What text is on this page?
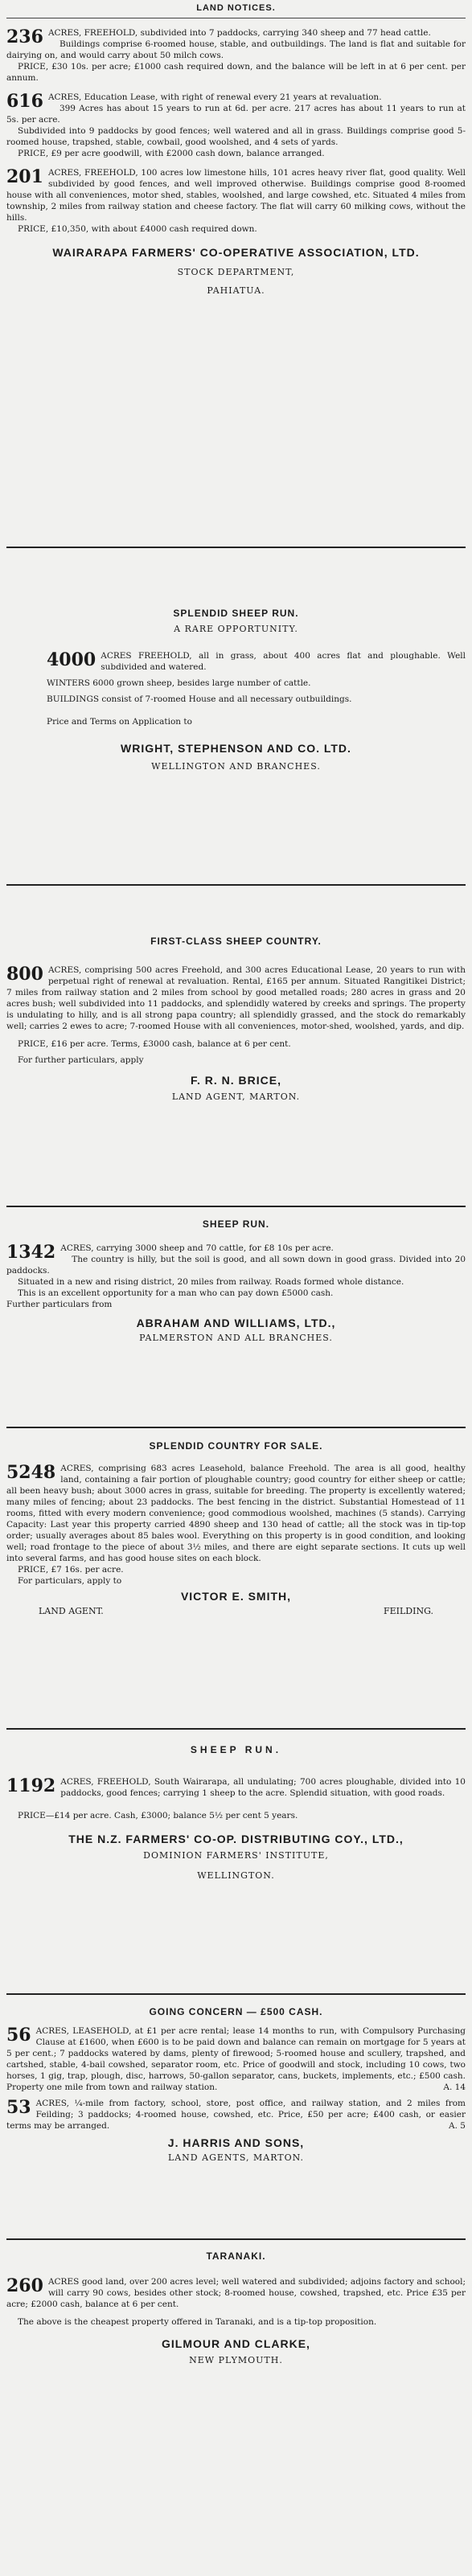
LAND NOTICES.

236 ACRES, FREEHOLD, subdivided into 7 paddocks, carrying 340 sheep and 77 head cattle.

Buildings comprise 6-roomed house, stable, and outbuildings. The land is flat and suitable for dairying on, and would carry about 50 milch cows.

PRICE, £30 10s. per acre; £1000 cash required down, and the balance will be left in at 6 per cent. per annum.

616 ACRES, Education Lease, with right of renewal every 21 years at revaluation.

399 Acres has about 15 years to run at 6d. per acre. 217 acres has about 11 years to run at 5s. per acre.

Subdivided into 9 paddocks by good fences; well watered and all in grass. Buildings comprise good 5-roomed house, trapshed, stable, cowbail, good woolshed, and 4 sets of yards.

PRICE, £9 per acre goodwill, with £2000 cash down, balance arranged.

201 ACRES, FREEHOLD, 100 acres low limestone hills, 101 acres heavy river flat, good quality. Well subdivided by good fences, and well improved otherwise. Buildings comprise good 8-roomed house with all conveniences, motor shed, stables, woolshed, and large cowshed, etc. Situated 4 miles from township, 2 miles from railway station and cheese factory. The flat will carry 60 milking cows, without the hills.

PRICE, £10,350, with about £4000 cash required down.

WAIRARAPA FARMERS' CO-OPERATIVE ASSOCIATION, LTD.

STOCK DEPARTMENT,

PAHIATUA.

SPLENDID SHEEP RUN.

A RARE OPPORTUNITY.

4000 ACRES FREEHOLD, all in grass, about 400 acres flat and ploughable. Well subdivided and watered.

WINTERS 6000 grown sheep, besides large number of cattle.

BUILDINGS consist of 7-roomed House and all necessary outbuildings.

Price and Terms on Application to

WRIGHT, STEPHENSON AND CO. LTD.

WELLINGTON AND BRANCHES.

FIRST-CLASS SHEEP COUNTRY.

800 ACRES, comprising 500 acres Freehold, and 300 acres Educational Lease, 20 years to run with perpetual right of renewal at revaluation. Rental, £165 per annum. Situated Rangitikei District; 7 miles from railway station and 2 miles from school by good metalled roads; 280 acres in grass and 20 acres bush; well subdivided into 11 paddocks, and splendidly watered by creeks and springs. The property is undulating to hilly, and is all strong papa country; all splendidly grassed, and the stock do remarkably well; carries 2 ewes to acre; 7-roomed House with all conveniences, motor-shed, woolshed, yards, and dip.

PRICE, £16 per acre. Terms, £3000 cash, balance at 6 per cent.

For further particulars, apply

F. R. N. BRICE,

LAND AGENT, MARTON.

SHEEP RUN.

1342 ACRES, carrying 3000 sheep and 70 cattle, for £8 10s per acre.

The country is hilly, but the soil is good, and all sown down in good grass. Divided into 20 paddocks.

Situated in a new and rising district, 20 miles from railway. Roads formed whole distance.

This is an excellent opportunity for a man who can pay down £5000 cash.

Further particulars from

ABRAHAM AND WILLIAMS, LTD.,

PALMERSTON AND ALL BRANCHES.

SPLENDID COUNTRY FOR SALE.

5248 ACRES, comprising 683 acres Leasehold, balance Freehold. The area is all good, healthy land, containing a fair portion of ploughable country; good country for either sheep or cattle; all been heavy bush; about 3000 acres in grass, suitable for breeding. The property is excellently watered; many miles of fencing; about 23 paddocks. The best fencing in the district. Substantial Homestead of 11 rooms, fitted with every modern convenience; good commodious woolshed, machines (5 stands). Carrying Capacity: Last year this property carried 4890 sheep and 130 head of cattle; all the stock was in tip-top order; usually averages about 85 bales wool. Everything on this property is in good condition, and looking well; road frontage to the piece of about 3½ miles, and there are eight separate sections. It cuts up well into several farms, and has good house sites on each block.

PRICE, £7 16s. per acre.

For particulars, apply to

VICTOR E. SMITH,

LAND AGENT.	FEILDING.

SHEEP RUN.

1192 ACRES, FREEHOLD, South Wairarapa, all undulating; 700 acres ploughable, divided into 10 paddocks, good fences; carrying 1 sheep to the acre. Splendid situation, with good roads.

PRICE—£14 per acre. Cash, £3000; balance 5½ per cent 5 years.

THE N.Z. FARMERS' CO-OP. DISTRIBUTING COY., LTD.,

DOMINION FARMERS' INSTITUTE,

WELLINGTON.

GOING CONCERN — £500 CASH.

56 ACRES, LEASEHOLD, at £1 per acre rental; lease 14 months to run, with Compulsory Purchasing Clause at £1600, when £600 is to be paid down and balance can remain on mortgage for 5 years at 5 per cent.; 7 paddocks watered by dams, plenty of firewood; 5-roomed house and scullery, trapshed, and cartshed, stable, 4-bail cowshed, separator room, etc. Price of goodwill and stock, including 10 cows, two horses, 1 gig, trap, plough, disc, harrows, 50-gallon separator, cans, buckets, implements, etc.; £500 cash. Property one mile from town and railway station.	A. 14

53 ACRES, ¼-mile from factory, school, store, post office, and railway station, and 2 miles from Feilding; 3 paddocks; 4-roomed house, cowshed, etc. Price, £50 per acre; £400 cash, or easier terms may be arranged.	A. 5

J. HARRIS AND SONS,

LAND AGENTS, MARTON.

TARANAKI.

260 ACRES good land, over 200 acres level; well watered and subdivided; adjoins factory and school; will carry 90 cows, besides other stock; 8-roomed house, cowshed, trapshed, etc. Price £35 per acre; £2000 cash, balance at 6 per cent.

The above is the cheapest property offered in Taranaki, and is a tip-top proposition.

GILMOUR AND CLARKE,

NEW PLYMOUTH.
